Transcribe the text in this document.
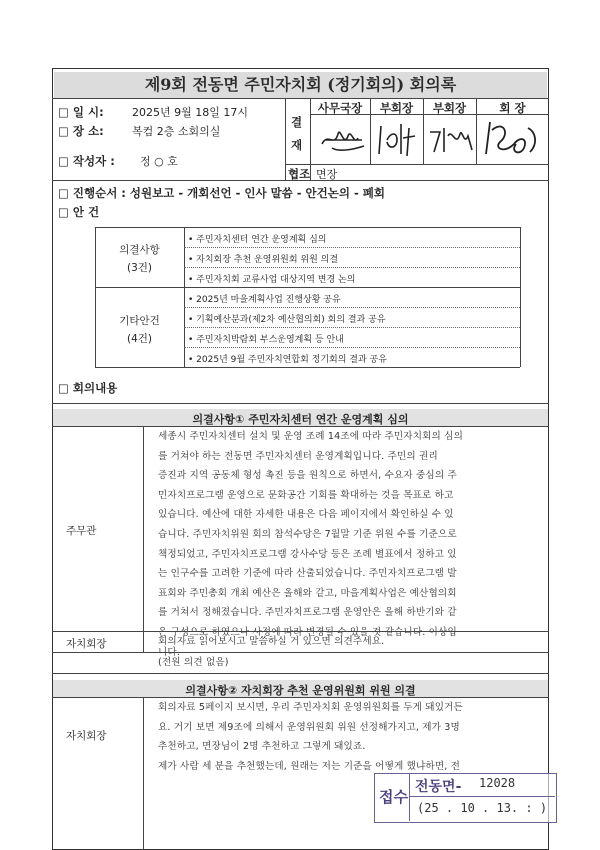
제9회 전동면 주민자치회 (정기회의) 회의록
□ 일 시:	2025년 9월 18일 17시
□ 장 소:	복컴 2층 소회의실
□ 작성자 : 정 ○ 호
결
재
사무국장	부회장	부회장	회 장
협조 면장
□ 진행순서 : 성원보고 - 개회선언 - 인사 말씀 - 안건논의 - 폐회
□ 안 건
의결사항
(3건)
• 주민자치센터 연간 운영계획 심의
• 자치회장 추천 운영위원회 위원 의결
• 주민자치회 교류사업 대상지역 변경 논의
기타안건
(4건)
• 2025년 마을계획사업 진행상황 공유
• 기획예산분과(제2차 예산협의회) 회의 결과 공유
• 주민자치박람회 부스운영계획 등 안내
• 2025년 9월 주민자치연합회 정기회의 결과 공유
□ 회의내용
의결사항① 주민자치센터 연간 운영계획 심의
주무관
세종시 주민자치센터 설치 및 운영 조례 14조에 따라 주민자치회의 심의
를 거쳐야 하는 전동면 주민자치센터 운영계획입니다. 주민의 권리
증진과 지역 공동체 형성 촉진 등을 원칙으로 하면서, 수요자 중심의 주
민자치프로그램 운영으로 문화공간 기회를 확대하는 것을 목표로 하고
있습니다. 예산에 대한 자세한 내용은 다음 페이지에서 확인하실 수 있
습니다. 주민자치위원 회의 참석수당은 7월말 기준 위원 수를 기준으로
책정되었고, 주민자치프로그램 강사수당 등은 조례 별표에서 정하고 있
는 인구수를 고려한 기준에 따라 산출되었습니다. 주민자치프로그램 발
표회와 주민총회 개최 예산은 올해와 같고, 마을계획사업은 예산협의회
를 거쳐서 정해졌습니다. 주민자치프로그램 운영안은 올해 하반기와 같
은 구성으로 하였으나 사정에 따라 변경될 수 있을 것 같습니다. 이상입
니다.
자치회장	회의자료 읽어보시고 말씀하실 거 있으면 의견주세요.
(전원 의견 없음)
의결사항② 자치회장 추천 운영위원회 위원 의결
자치회장
회의자료 5페이지 보시면, 우리 주민자치회 운영위원회를 두게 돼있거든
요. 거기 보면 제9조에 의해서 운영위원회 위원 선정해가지고, 제가 3명
추천하고, 면장님이 2명 추천하고 그렇게 돼있죠.
제가 사람 세 분을 추천했는데, 원래는 저는 기준을 어떻게 했냐하면, 전
접수
전동면- 12028
(25 . 10 . 13. : )
